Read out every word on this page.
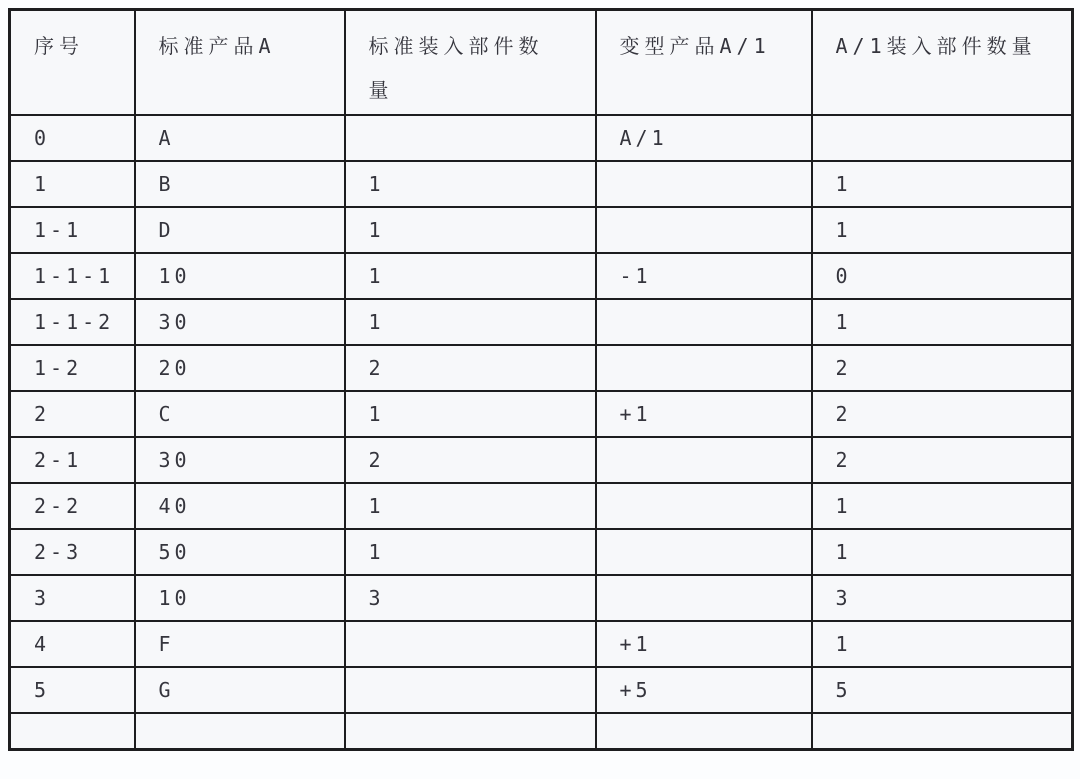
序号	标准产品A	标准装入部件数量	变型产品A/1	A/1装入部件数量
0	A		A/1	
1	B	1		1
1-1	D	1		1
1-1-1	10	1	-1	0
1-1-2	30	1		1
1-2	20	2		2
2	C	1	+1	2
2-1	30	2		2
2-2	40	1		1
2-3	50	1		1
3	10	3		3
4	F		+1	1
5	G		+5	5
